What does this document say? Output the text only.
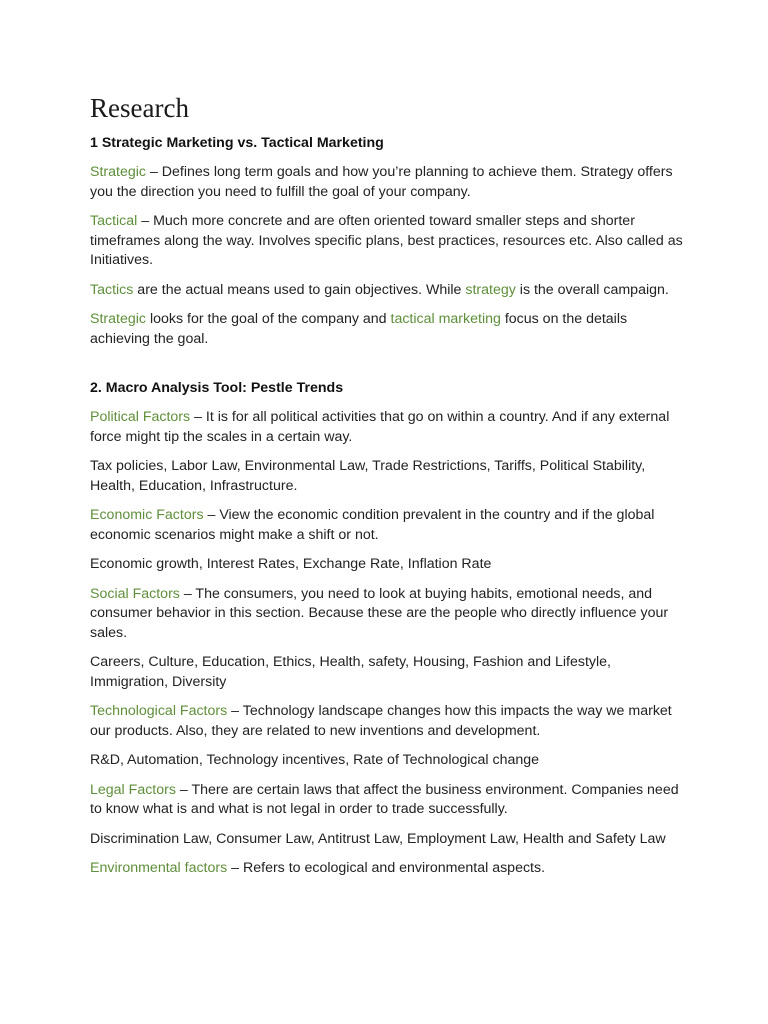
Research
1 Strategic Marketing vs. Tactical Marketing

Strategic – Defines long term goals and how you’re planning to achieve them. Strategy offers you the direction you need to fulfill the goal of your company.

Tactical – Much more concrete and are often oriented toward smaller steps and shorter timeframes along the way. Involves specific plans, best practices, resources etc. Also called as Initiatives.

Tactics are the actual means used to gain objectives. While strategy is the overall campaign.

Strategic looks for the goal of the company and tactical marketing focus on the details achieving the goal.

2. Macro Analysis Tool: Pestle Trends

Political Factors – It is for all political activities that go on within a country. And if any external force might tip the scales in a certain way.

Tax policies, Labor Law, Environmental Law, Trade Restrictions, Tariffs, Political Stability, Health, Education, Infrastructure.

Economic Factors – View the economic condition prevalent in the country and if the global economic scenarios might make a shift or not.

Economic growth, Interest Rates, Exchange Rate, Inflation Rate

Social Factors – The consumers, you need to look at buying habits, emotional needs, and consumer behavior in this section. Because these are the people who directly influence your sales.

Careers, Culture, Education, Ethics, Health, safety, Housing, Fashion and Lifestyle, Immigration, Diversity

Technological Factors – Technology landscape changes how this impacts the way we market our products. Also, they are related to new inventions and development.

R&D, Automation, Technology incentives, Rate of Technological change

Legal Factors – There are certain laws that affect the business environment. Companies need to know what is and what is not legal in order to trade successfully.

Discrimination Law, Consumer Law, Antitrust Law, Employment Law, Health and Safety Law

Environmental factors – Refers to ecological and environmental aspects.
